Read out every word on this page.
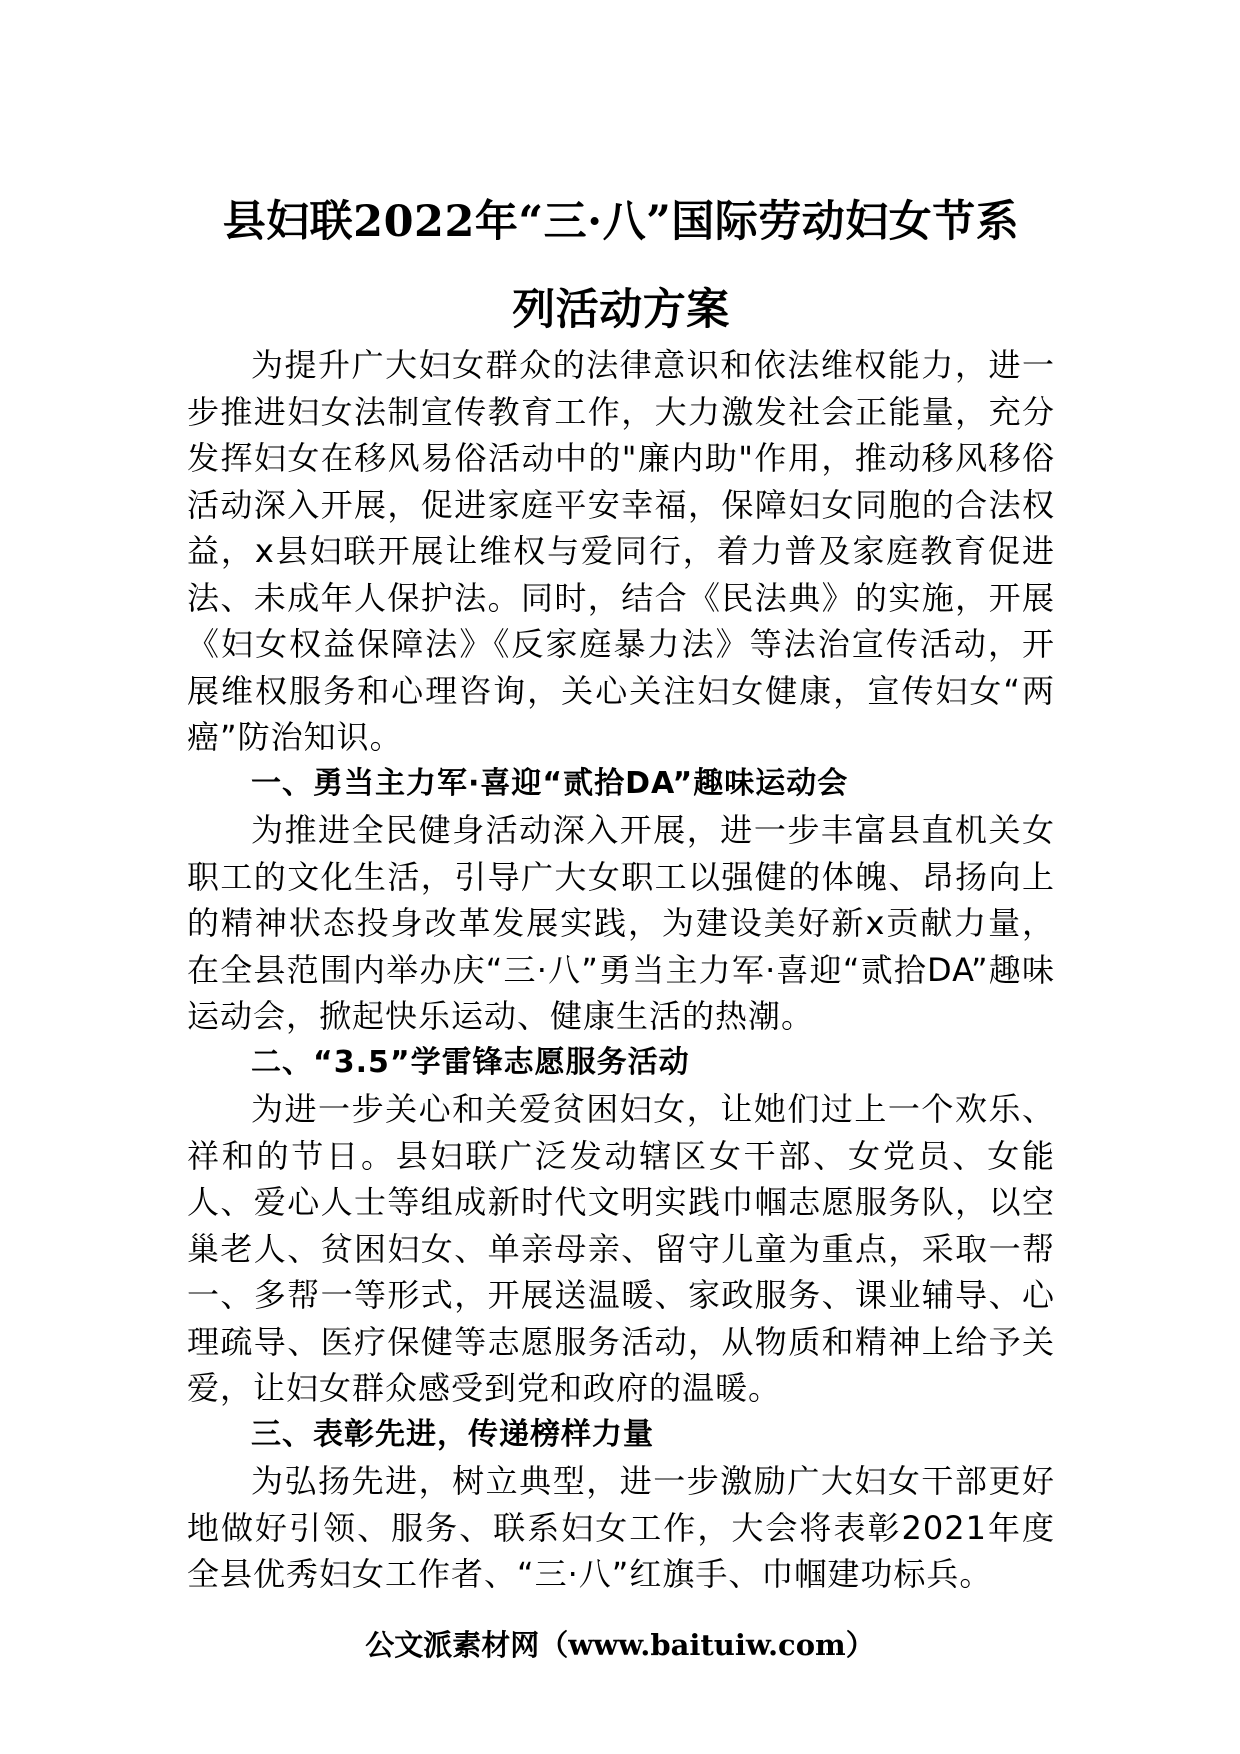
县妇联2022年“三·八”国际劳动妇女节系
列活动方案

为提升广大妇女群众的法律意识和依法维权能力，进一步推进妇女法制宣传教育工作，大力激发社会正能量，充分发挥妇女在移风易俗活动中的"廉内助"作用，推动移风移俗活动深入开展，促进家庭平安幸福，保障妇女同胞的合法权益，x县妇联开展让维权与爱同行，着力普及家庭教育促进法、未成年人保护法。同时，结合《民法典》的实施，开展《妇女权益保障法》《反家庭暴力法》等法治宣传活动，开展维权服务和心理咨询，关心关注妇女健康，宣传妇女“两癌”防治知识。

一、勇当主力军·喜迎“贰拾DA”趣味运动会

为推进全民健身活动深入开展，进一步丰富县直机关女职工的文化生活，引导广大女职工以强健的体魄、昂扬向上的精神状态投身改革发展实践，为建设美好新x贡献力量，在全县范围内举办庆“三·八”勇当主力军·喜迎“贰拾DA”趣味运动会，掀起快乐运动、健康生活的热潮。

二、“3.5”学雷锋志愿服务活动

为进一步关心和关爱贫困妇女，让她们过上一个欢乐、祥和的节日。县妇联广泛发动辖区女干部、女党员、女能人、爱心人士等组成新时代文明实践巾帼志愿服务队，以空巢老人、贫困妇女、单亲母亲、留守儿童为重点，采取一帮一、多帮一等形式，开展送温暖、家政服务、课业辅导、心理疏导、医疗保健等志愿服务活动，从物质和精神上给予关爱，让妇女群众感受到党和政府的温暖。

三、表彰先进，传递榜样力量

为弘扬先进，树立典型，进一步激励广大妇女干部更好地做好引领、服务、联系妇女工作，大会将表彰2021年度全县优秀妇女工作者、“三·八”红旗手、巾帼建功标兵。

公文派素材网（www.baituiw.com）
